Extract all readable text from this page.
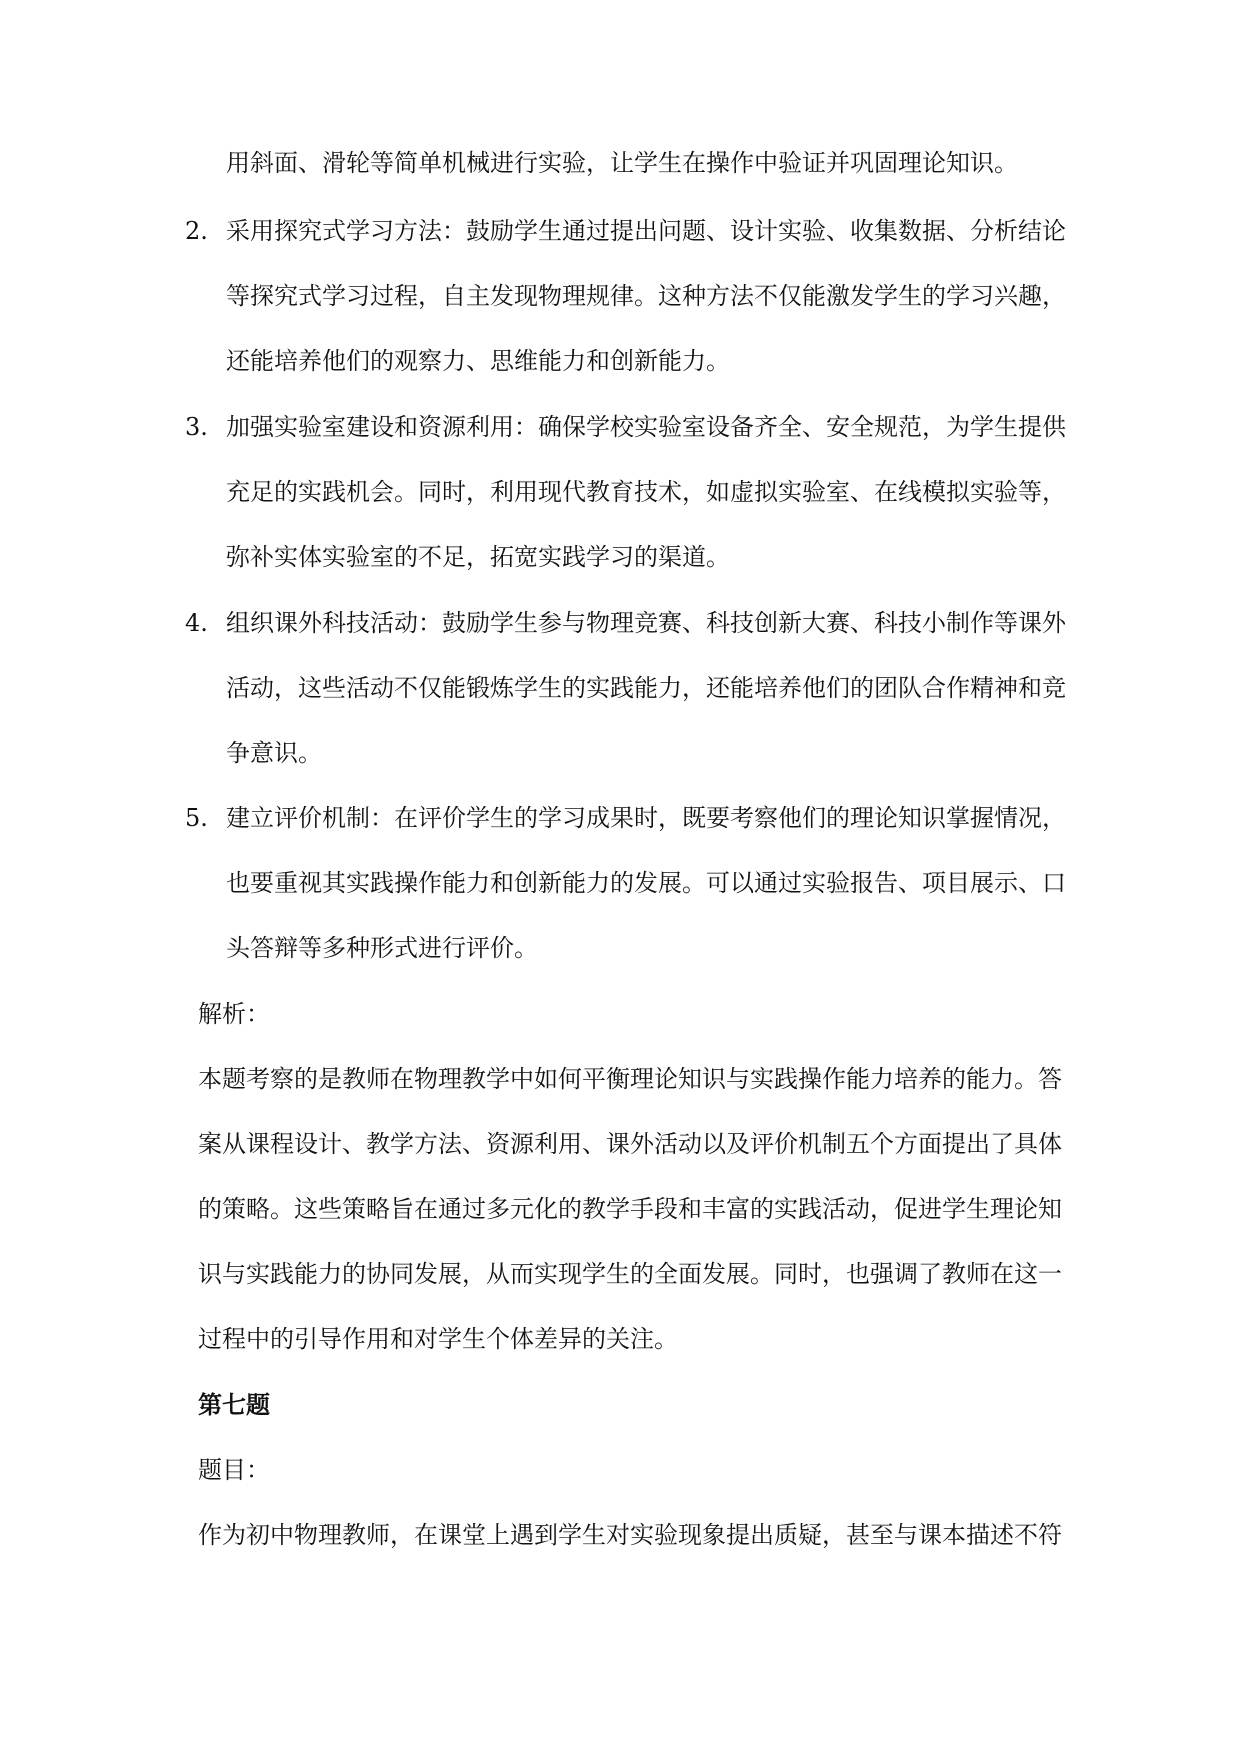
用斜面、滑轮等简单机械进行实验，让学生在操作中验证并巩固理论知识。
2. 采用探究式学习方法：鼓励学生通过提出问题、设计实验、收集数据、分析结论
等探究式学习过程，自主发现物理规律。这种方法不仅能激发学生的学习兴趣，
还能培养他们的观察力、思维能力和创新能力。
3. 加强实验室建设和资源利用：确保学校实验室设备齐全、安全规范，为学生提供
充足的实践机会。同时，利用现代教育技术，如虚拟实验室、在线模拟实验等，
弥补实体实验室的不足，拓宽实践学习的渠道。
4. 组织课外科技活动：鼓励学生参与物理竞赛、科技创新大赛、科技小制作等课外
活动，这些活动不仅能锻炼学生的实践能力，还能培养他们的团队合作精神和竞
争意识。
5. 建立评价机制：在评价学生的学习成果时，既要考察他们的理论知识掌握情况，
也要重视其实践操作能力和创新能力的发展。可以通过实验报告、项目展示、口
头答辩等多种形式进行评价。
解析：
本题考察的是教师在物理教学中如何平衡理论知识与实践操作能力培养的能力。答
案从课程设计、教学方法、资源利用、课外活动以及评价机制五个方面提出了具体
的策略。这些策略旨在通过多元化的教学手段和丰富的实践活动，促进学生理论知
识与实践能力的协同发展，从而实现学生的全面发展。同时，也强调了教师在这一
过程中的引导作用和对学生个体差异的关注。
第七题
题目：
作为初中物理教师，在课堂上遇到学生对实验现象提出质疑，甚至与课本描述不符
